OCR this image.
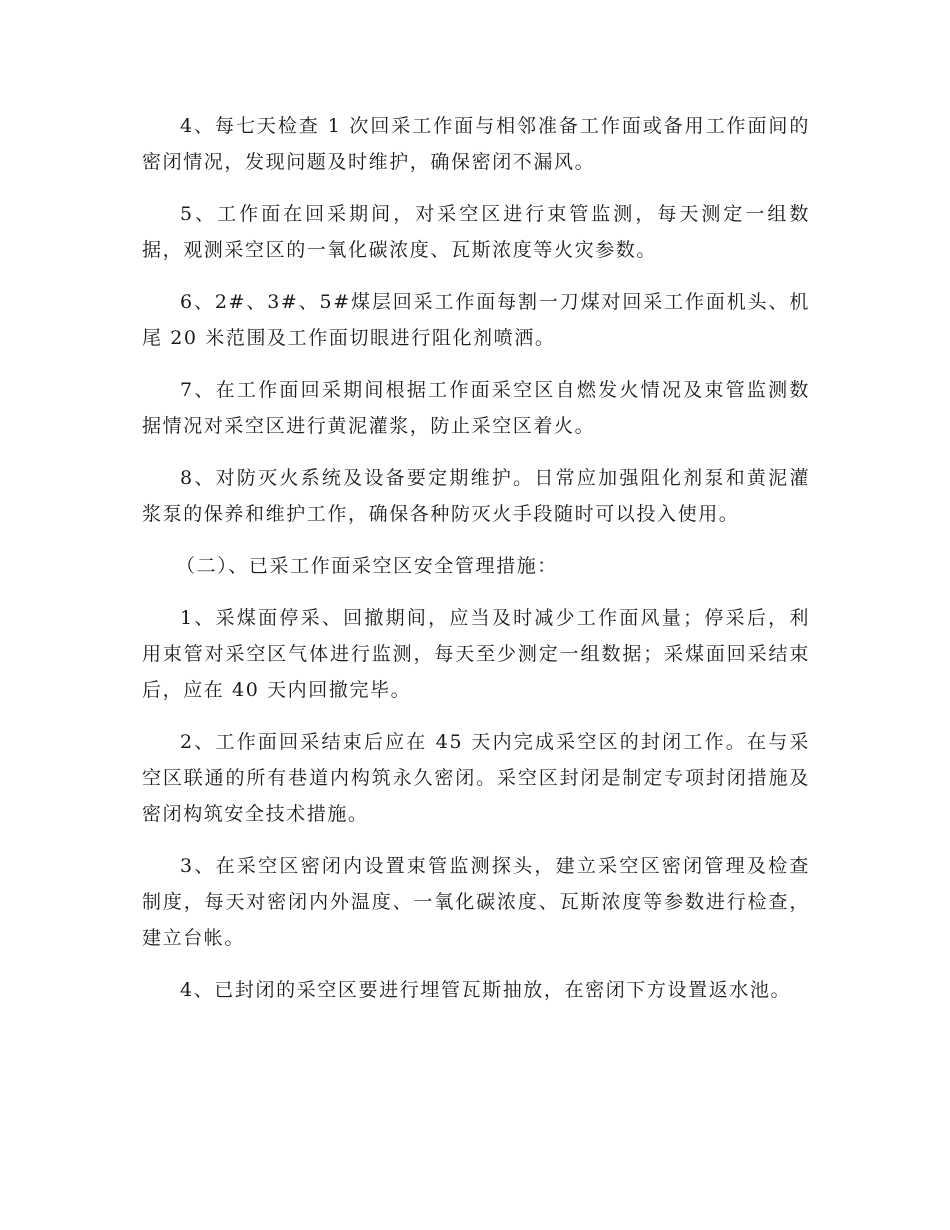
4、每七天检查 1 次回采工作面与相邻准备工作面或备用工作面间的密闭情况，发现问题及时维护，确保密闭不漏风。

5、工作面在回采期间，对采空区进行束管监测，每天测定一组数据，观测采空区的一氧化碳浓度、瓦斯浓度等火灾参数。

6、2#、3#、5#煤层回采工作面每割一刀煤对回采工作面机头、机尾 20 米范围及工作面切眼进行阻化剂喷洒。

7、在工作面回采期间根据工作面采空区自燃发火情况及束管监测数据情况对采空区进行黄泥灌浆，防止采空区着火。

8、对防灭火系统及设备要定期维护。日常应加强阻化剂泵和黄泥灌浆泵的保养和维护工作，确保各种防灭火手段随时可以投入使用。

（二）、已采工作面采空区安全管理措施：

1、采煤面停采、回撤期间，应当及时减少工作面风量；停采后，利用束管对采空区气体进行监测，每天至少测定一组数据；采煤面回采结束后，应在 40 天内回撤完毕。

2、工作面回采结束后应在 45 天内完成采空区的封闭工作。在与采空区联通的所有巷道内构筑永久密闭。采空区封闭是制定专项封闭措施及密闭构筑安全技术措施。

3、在采空区密闭内设置束管监测探头，建立采空区密闭管理及检查制度，每天对密闭内外温度、一氧化碳浓度、瓦斯浓度等参数进行检查，建立台帐。

4、已封闭的采空区要进行埋管瓦斯抽放，在密闭下方设置返水池。
